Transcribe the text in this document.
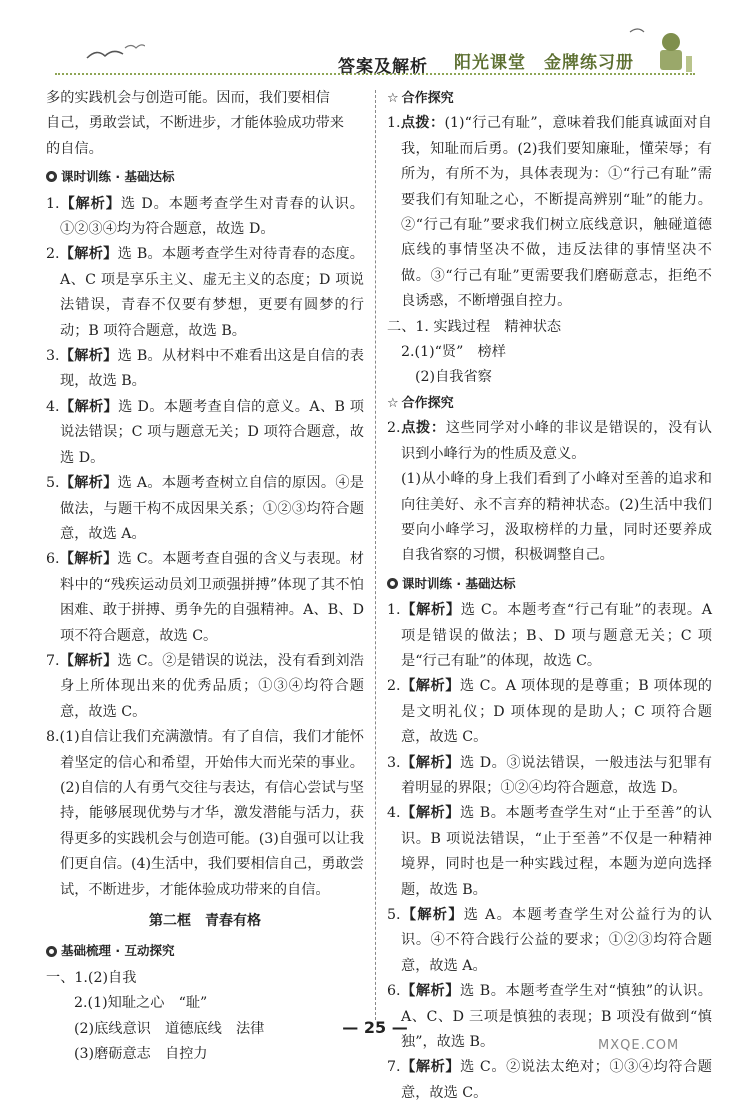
答案及解析 阳光课堂　金牌练习册

多的实践机会与创造可能。因而，我们要相信

自己，勇敢尝试，不断进步，才能体验成功带来

的自信。

课时训练 · 基础达标

1.【解析】选 D。本题考查学生对青春的认识。①②③④均为符合题意，故选 D。

2.【解析】选 B。本题考查学生对待青春的态度。A、C 项是享乐主义、虚无主义的态度；D 项说法错误，青春不仅要有梦想，更要有圆梦的行动；B 项符合题意，故选 B。

3.【解析】选 B。从材料中不难看出这是自信的表现，故选 B。

4.【解析】选 D。本题考查自信的意义。A、B 项说法错误；C 项与题意无关；D 项符合题意，故选 D。

5.【解析】选 A。本题考查树立自信的原因。④是做法，与题干构不成因果关系；①②③均符合题意，故选 A。

6.【解析】选 C。本题考查自强的含义与表现。材料中的“残疾运动员刘卫顽强拼搏”体现了其不怕困难、敢于拼搏、勇争先的自强精神。A、B、D 项不符合题意，故选 C。

7.【解析】选 C。②是错误的说法，没有看到刘浩身上所体现出来的优秀品质；①③④均符合题意，故选 C。

8.(1)自信让我们充满激情。有了自信，我们才能怀着坚定的信心和希望，开始伟大而光荣的事业。(2)自信的人有勇气交往与表达，有信心尝试与坚持，能够展现优势与才华，激发潜能与活力，获得更多的实践机会与创造可能。(3)自强可以让我们更自信。(4)生活中，我们要相信自己，勇敢尝试，不断进步，才能体验成功带来的自信。

第二框　青春有格
基础梳理 · 互动探究

一、1.(2)自我

2.(1)知耻之心　“耻”

(2)底线意识　道德底线　法律

(3)磨砺意志　自控力

☆ 合作探究

1.点拨：(1)“行己有耻”，意味着我们能真诚面对自我，知耻而后勇。(2)我们要知廉耻，懂荣辱；有所为，有所不为，具体表现为：①“行己有耻”需要我们有知耻之心，不断提高辨别“耻”的能力。②“行己有耻”要求我们树立底线意识，触碰道德底线的事情坚决不做，违反法律的事情坚决不做。③“行己有耻”更需要我们磨砺意志，拒绝不良诱惑，不断增强自控力。

二、1. 实践过程　精神状态

2.(1)“贤”　榜样

(2)自我省察

☆ 合作探究

2.点拨：这些同学对小峰的非议是错误的，没有认识到小峰行为的性质及意义。

(1)从小峰的身上我们看到了小峰对至善的追求和向往美好、永不言弃的精神状态。(2)生活中我们要向小峰学习，汲取榜样的力量，同时还要养成自我省察的习惯，积极调整自己。

课时训练 · 基础达标

1.【解析】选 C。本题考查“行己有耻”的表现。A 项是错误的做法；B、D 项与题意无关；C 项是“行己有耻”的体现，故选 C。

2.【解析】选 C。A 项体现的是尊重；B 项体现的是文明礼仪；D 项体现的是助人；C 项符合题意，故选 C。

3.【解析】选 D。③说法错误，一般违法与犯罪有着明显的界限；①②④均符合题意，故选 D。

4.【解析】选 B。本题考查学生对“止于至善”的认识。B 项说法错误，“止于至善”不仅是一种精神境界，同时也是一种实践过程，本题为逆向选择题，故选 B。

5.【解析】选 A。本题考查学生对公益行为的认识。④不符合践行公益的要求；①②③均符合题意，故选 A。

6.【解析】选 B。本题考查学生对“慎独”的认识。A、C、D 三项是慎独的表现；B 项没有做到“慎独”，故选 B。

7.【解析】选 C。②说法太绝对；①③④均符合题意，故选 C。

— 25 —
MXQE.COM
